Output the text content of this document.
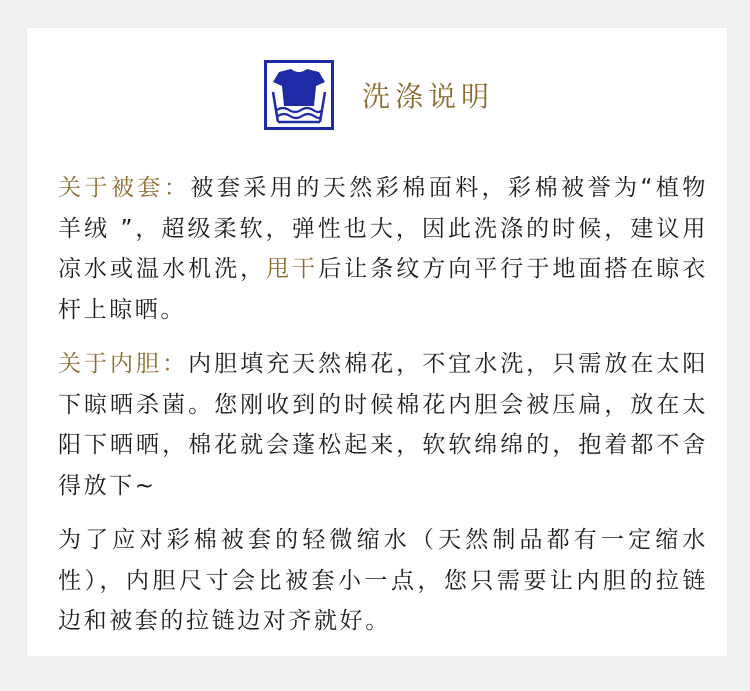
洗涤说明

关于被套：被套采用的天然彩棉面料，彩棉被誉为“植物羊绒 ”，超级柔软，弹性也大，因此洗涤的时候，建议用凉水或温水机洗，甩干后让条纹方向平行于地面搭在晾衣杆上晾晒。

关于内胆：内胆填充天然棉花，不宜水洗，只需放在太阳下晾晒杀菌。您刚收到的时候棉花内胆会被压扁，放在太阳下晒晒，棉花就会蓬松起来，软软绵绵的，抱着都不舍得放下~

为了应对彩棉被套的轻微缩水（天然制品都有一定缩水性），内胆尺寸会比被套小一点，您只需要让内胆的拉链边和被套的拉链边对齐就好。
